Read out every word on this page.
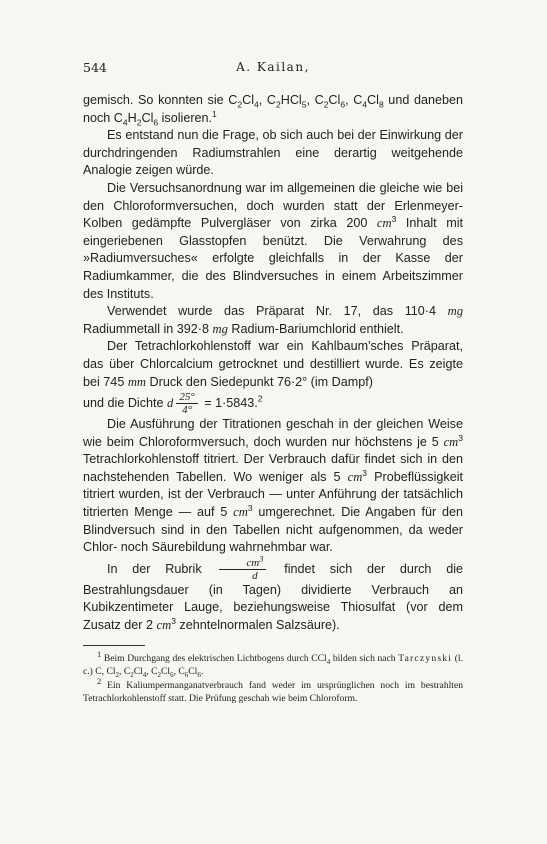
544	A. Kailan,

gemisch. So konnten sie $C_2Cl_4$, $C_2HCl_5$, $C_2Cl_6$, $C_4Cl_8$ und daneben noch $C_4H_2Cl_6$ isolieren.$^1$

Es entstand nun die Frage, ob sich auch bei der Einwirkung der durchdringenden Radiumstrahlen eine derartig weitgehende Analogie zeigen würde.

Die Versuchsanordnung war im allgemeinen die gleiche wie bei den Chloroformversuchen, doch wurden statt der Erlenmeyer-Kolben gedämpfte Pulvergläser von zirka 200 $cm^3$ Inhalt mit eingeriebenen Glasstopfen benützt. Die Verwahrung des »Radiumversuches« erfolgte gleichfalls in der Kasse der Radiumkammer, die des Blindversuches in einem Arbeitszimmer des Instituts.

Verwendet wurde das Präparat Nr. 17, das 110·4 mg Radiummetall in 392·8 mg Radium-Bariumchlorid enthielt.

Der Tetrachlorkohlenstoff war ein Kahlbaum'sches Präparat, das über Chlorcalcium getrocknet und destilliert wurde. Es zeigte bei 745 mm Druck den Siedepunkt 76·2° (im Dampf)

und die Dichte d $\frac{25^\circ}{4^\circ} = 1\cdot 5843.^2$

Die Ausführung der Titrationen geschah in der gleichen Weise wie beim Chloroformversuch, doch wurden nur höchstens je 5 $cm^3$ Tetrachlorkohlenstoff titriert. Der Verbrauch dafür findet sich in den nachstehenden Tabellen. Wo weniger als 5 $cm^3$ Probeflüssigkeit titriert wurden, ist der Verbrauch — unter Anführung der tatsächlich titrierten Menge — auf 5 $cm^3$ umgerechnet. Die Angaben für den Blindversuch sind in den Tabellen nicht aufgenommen, da weder Chlor- noch Säurebildung wahrnehmbar war.

In der Rubrik $\frac{cm^3}{d}$ findet sich der durch die Bestrahlungsdauer (in Tagen) dividierte Verbrauch an Kubikzentimeter Lauge, beziehungsweise Thiosulfat (vor dem Zusatz der 2 $cm^3$ zehntelnormalen Salzsäure).

$^1$ Beim Durchgang des elektrischen Lichtbogens durch CCl$_4$ bilden sich nach Tarczynski (l. c.) C, $Cl_2$, $C_2Cl_4$, $C_2Cl_6$, $C_6Cl_6$.

$^2$ Ein Kaliumpermanganatverbrauch fand weder im ursprünglichen noch im bestrahlten Tetrachlorkohlenstoff statt. Die Prüfung geschah wie beim Chloroform.
